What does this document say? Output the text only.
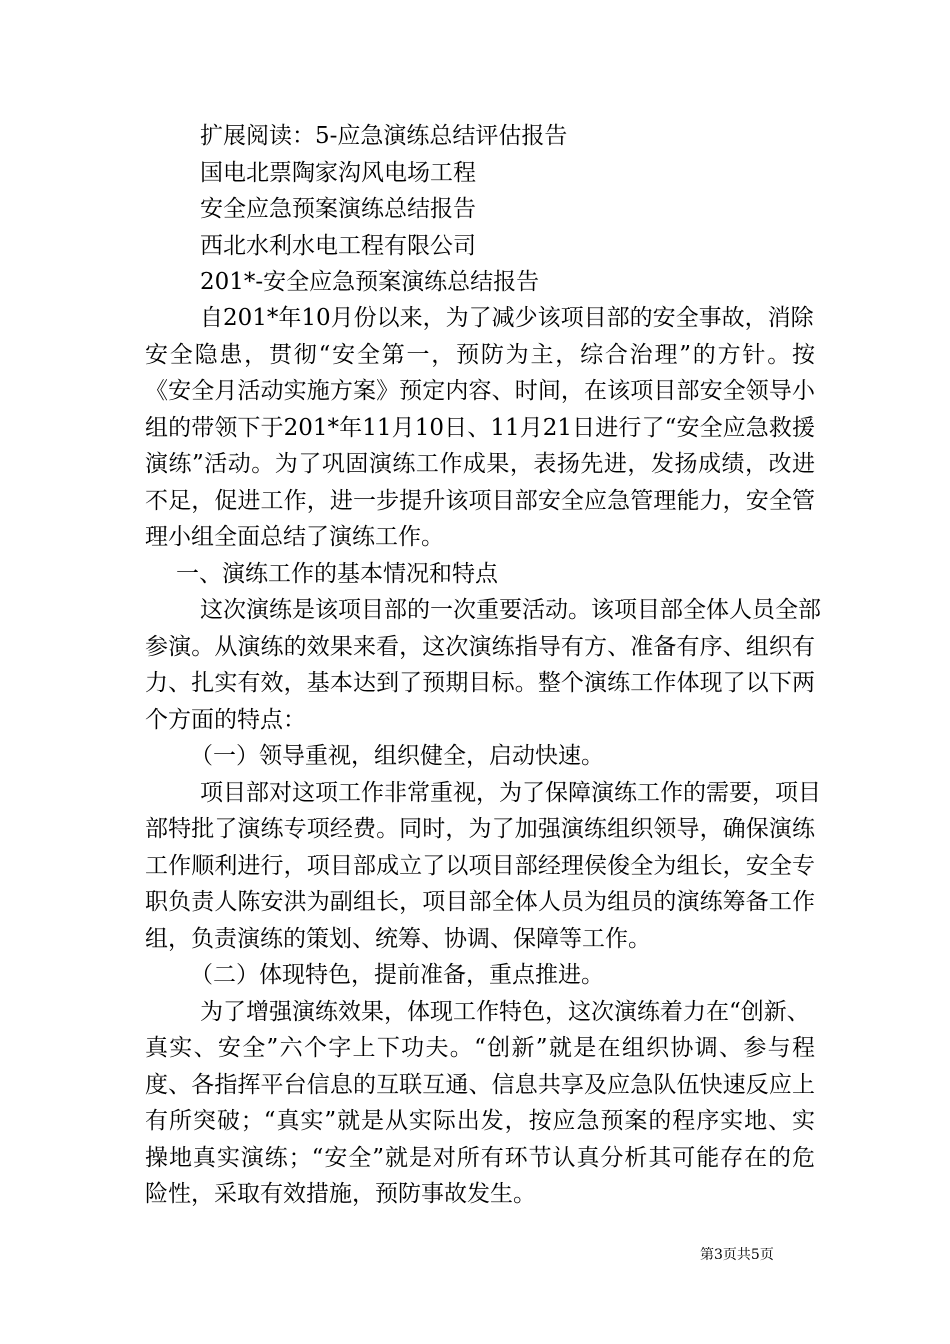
扩展阅读：5-应急演练总结评估报告
国电北票陶家沟风电场工程
安全应急预案演练总结报告
西北水利水电工程有限公司
201*-安全应急预案演练总结报告
自201*年10月份以来，为了减少该项目部的安全事故，消除
安全隐患，贯彻“安全第一，预防为主，综合治理”的方针。按
《安全月活动实施方案》预定内容、时间，在该项目部安全领导小
组的带领下于201*年11月10日、11月21日进行了“安全应急救援
演练”活动。为了巩固演练工作成果，表扬先进，发扬成绩，改进
不足，促进工作，进一步提升该项目部安全应急管理能力，安全管
理小组全面总结了演练工作。
一、演练工作的基本情况和特点
这次演练是该项目部的一次重要活动。该项目部全体人员全部
参演。从演练的效果来看，这次演练指导有方、准备有序、组织有
力、扎实有效，基本达到了预期目标。整个演练工作体现了以下两
个方面的特点：
（一）领导重视，组织健全，启动快速。
项目部对这项工作非常重视，为了保障演练工作的需要，项目
部特批了演练专项经费。同时，为了加强演练组织领导，确保演练
工作顺利进行，项目部成立了以项目部经理侯俊全为组长，安全专
职负责人陈安洪为副组长，项目部全体人员为组员的演练筹备工作
组，负责演练的策划、统筹、协调、保障等工作。
（二）体现特色，提前准备，重点推进。
为了增强演练效果，体现工作特色，这次演练着力在“创新、
真实、安全”六个字上下功夫。“创新”就是在组织协调、参与程
度、各指挥平台信息的互联互通、信息共享及应急队伍快速反应上
有所突破；“真实”就是从实际出发，按应急预案的程序实地、实
操地真实演练；“安全”就是对所有环节认真分析其可能存在的危
险性，采取有效措施，预防事故发生。
第3页共5页
